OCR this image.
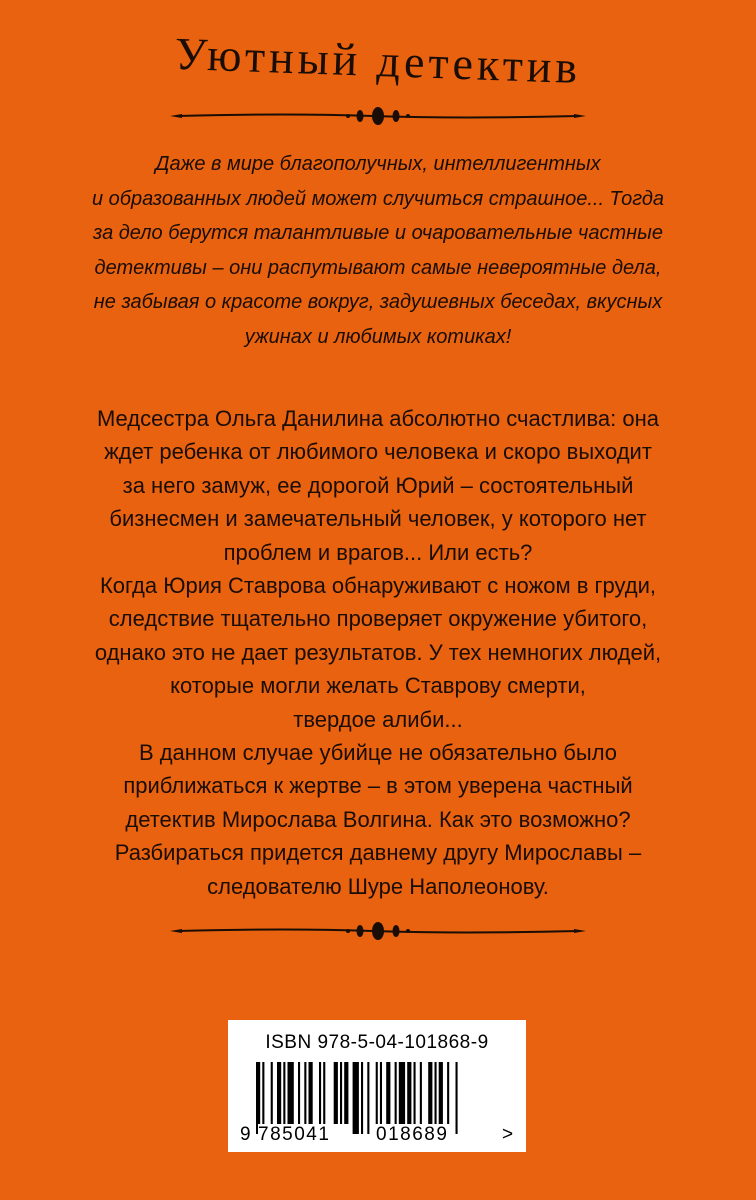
Уютный детектив
Даже в мире благополучных, интеллигентных
и образованных людей может случиться страшное... Тогда
за дело берутся талантливые и очаровательные частные
детективы – они распутывают самые невероятные дела,
не забывая о красоте вокруг, задушевных беседах, вкусных
ужинах и любимых котиках!
Медсестра Ольга Данилина абсолютно счастлива: она
ждет ребенка от любимого человека и скоро выходит
за него замуж, ее дорогой Юрий – состоятельный
бизнесмен и замечательный человек, у которого нет
проблем и врагов... Или есть?
Когда Юрия Ставрова обнаруживают с ножом в груди,
следствие тщательно проверяет окружение убитого,
однако это не дает результатов. У тех немногих людей,
которые могли желать Ставрову смерти,
твердое алиби...
В данном случае убийце не обязательно было
приближаться к жертве – в этом уверена частный
детектив Мирослава Волгина. Как это возможно?
Разбираться придется давнему другу Мирославы –
следователю Шуре Наполеонову.
ISBN 978-5-04-101868-9
9 785041 018689	>
